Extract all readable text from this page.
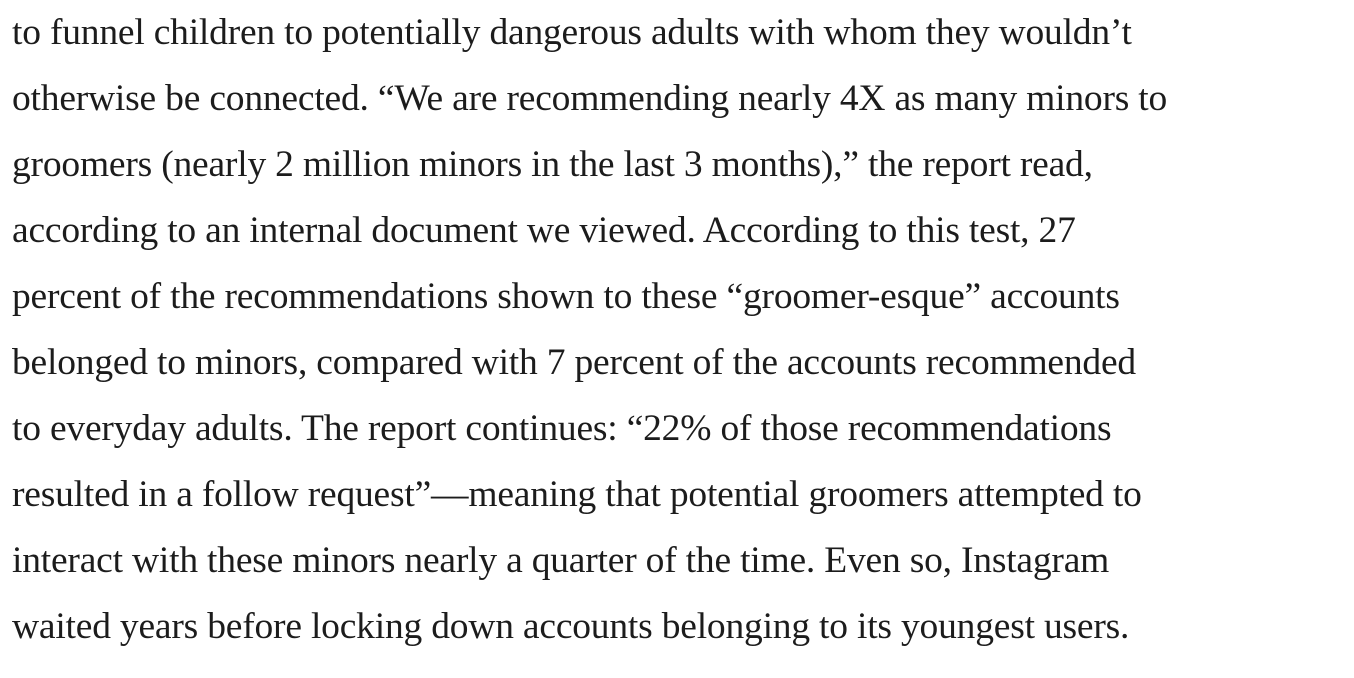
to funnel children to potentially dangerous adults with whom they wouldn’t
otherwise be connected. “We are recommending nearly 4X as many minors to
groomers (nearly 2 million minors in the last 3 months),” the report read,
according to an internal document we viewed. According to this test, 27
percent of the recommendations shown to these “groomer-esque” accounts
belonged to minors, compared with 7 percent of the accounts recommended
to everyday adults. The report continues: “22% of those recommendations
resulted in a follow request”—meaning that potential groomers attempted to
interact with these minors nearly a quarter of the time. Even so, Instagram
waited years before locking down accounts belonging to its youngest users.
